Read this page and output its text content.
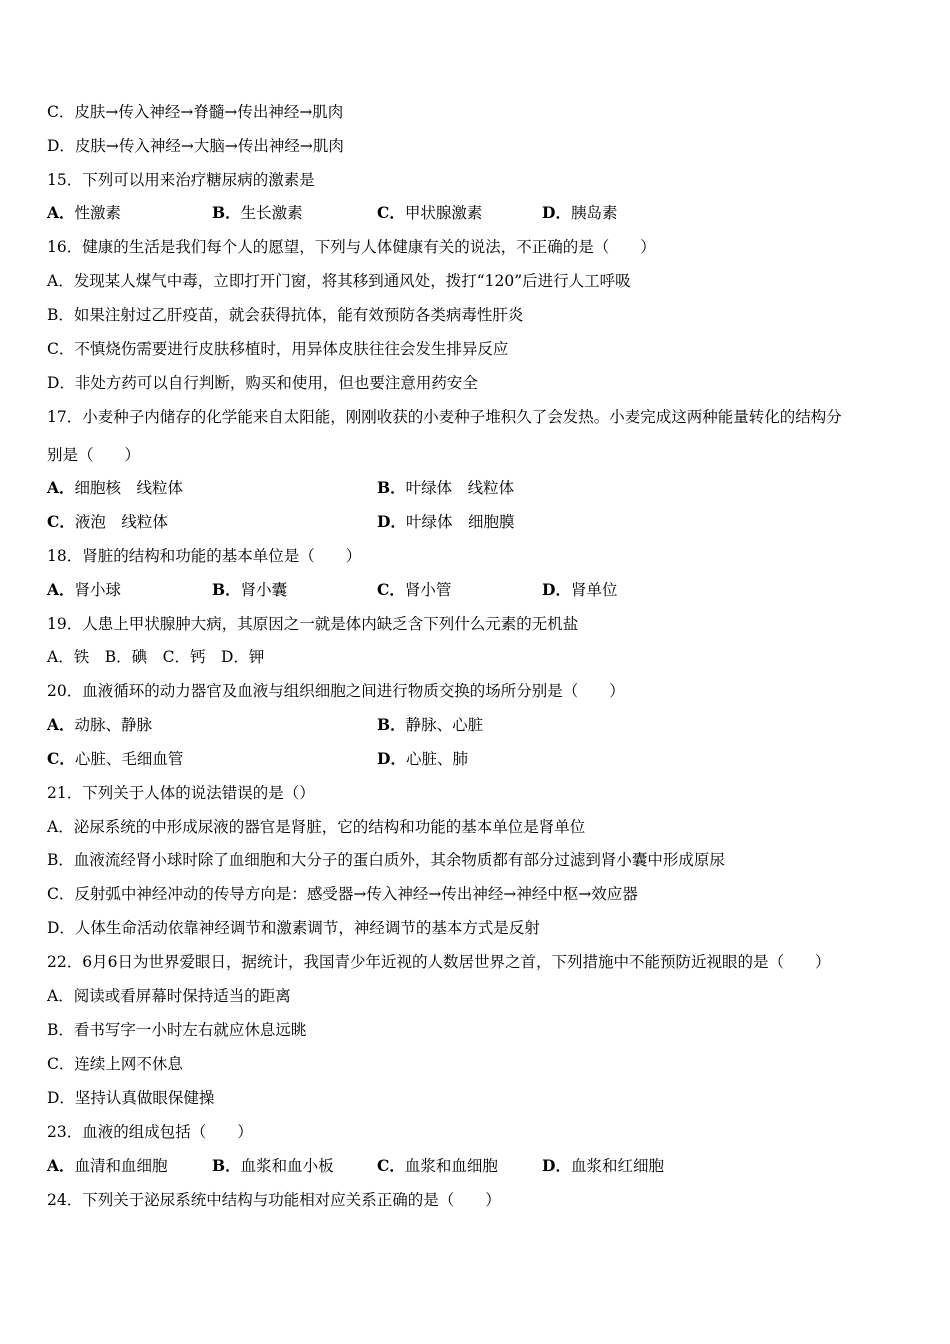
C．皮肤→传入神经→脊髓→传出神经→肌肉
D．皮肤→传入神经→大脑→传出神经→肌肉
15．下列可以用来治疗糖尿病的激素是
A．性激素	B．生长激素	C．甲状腺激素	D．胰岛素
16．健康的生活是我们每个人的愿望，下列与人体健康有关的说法，不正确的是（　　）
A．发现某人煤气中毒，立即打开门窗，将其移到通风处，拨打“120”后进行人工呼吸
B．如果注射过乙肝疫苗，就会获得抗体，能有效预防各类病毒性肝炎
C．不慎烧伤需要进行皮肤移植时，用异体皮肤往往会发生排异反应
D．非处方药可以自行判断，购买和使用，但也要注意用药安全
17．小麦种子内储存的化学能来自太阳能，刚刚收获的小麦种子堆积久了会发热。小麦完成这两种能量转化的结构分
别是（　　）
A．细胞核　线粒体	B．叶绿体　线粒体
C．液泡　线粒体	D．叶绿体　细胞膜
18．肾脏的结构和功能的基本单位是（　　）
A．肾小球	B．肾小囊	C．肾小管	D．肾单位
19．人患上甲状腺肿大病，其原因之一就是体内缺乏含下列什么元素的无机盐
A．铁　B．碘　C．钙　D．钾
20．血液循环的动力器官及血液与组织细胞之间进行物质交换的场所分别是（　　）
A．动脉、静脉	B．静脉、心脏
C．心脏、毛细血管	D．心脏、肺
21．下列关于人体的说法错误的是（）
A．泌尿系统的中形成尿液的器官是肾脏，它的结构和功能的基本单位是肾单位
B．血液流经肾小球时除了血细胞和大分子的蛋白质外，其余物质都有部分过滤到肾小囊中形成原尿
C．反射弧中神经冲动的传导方向是：感受器→传入神经→传出神经→神经中枢→效应器
D．人体生命活动依靠神经调节和激素调节，神经调节的基本方式是反射
22．6月6日为世界爱眼日，据统计，我国青少年近视的人数居世界之首，下列措施中不能预防近视眼的是（　　）
A．阅读或看屏幕时保持适当的距离
B．看书写字一小时左右就应休息远眺
C．连续上网不休息
D．坚持认真做眼保健操
23．血液的组成包括（　　）
A．血清和血细胞	B．血浆和血小板	C．血浆和血细胞	D．血浆和红细胞
24．下列关于泌尿系统中结构与功能相对应关系正确的是（　　）
